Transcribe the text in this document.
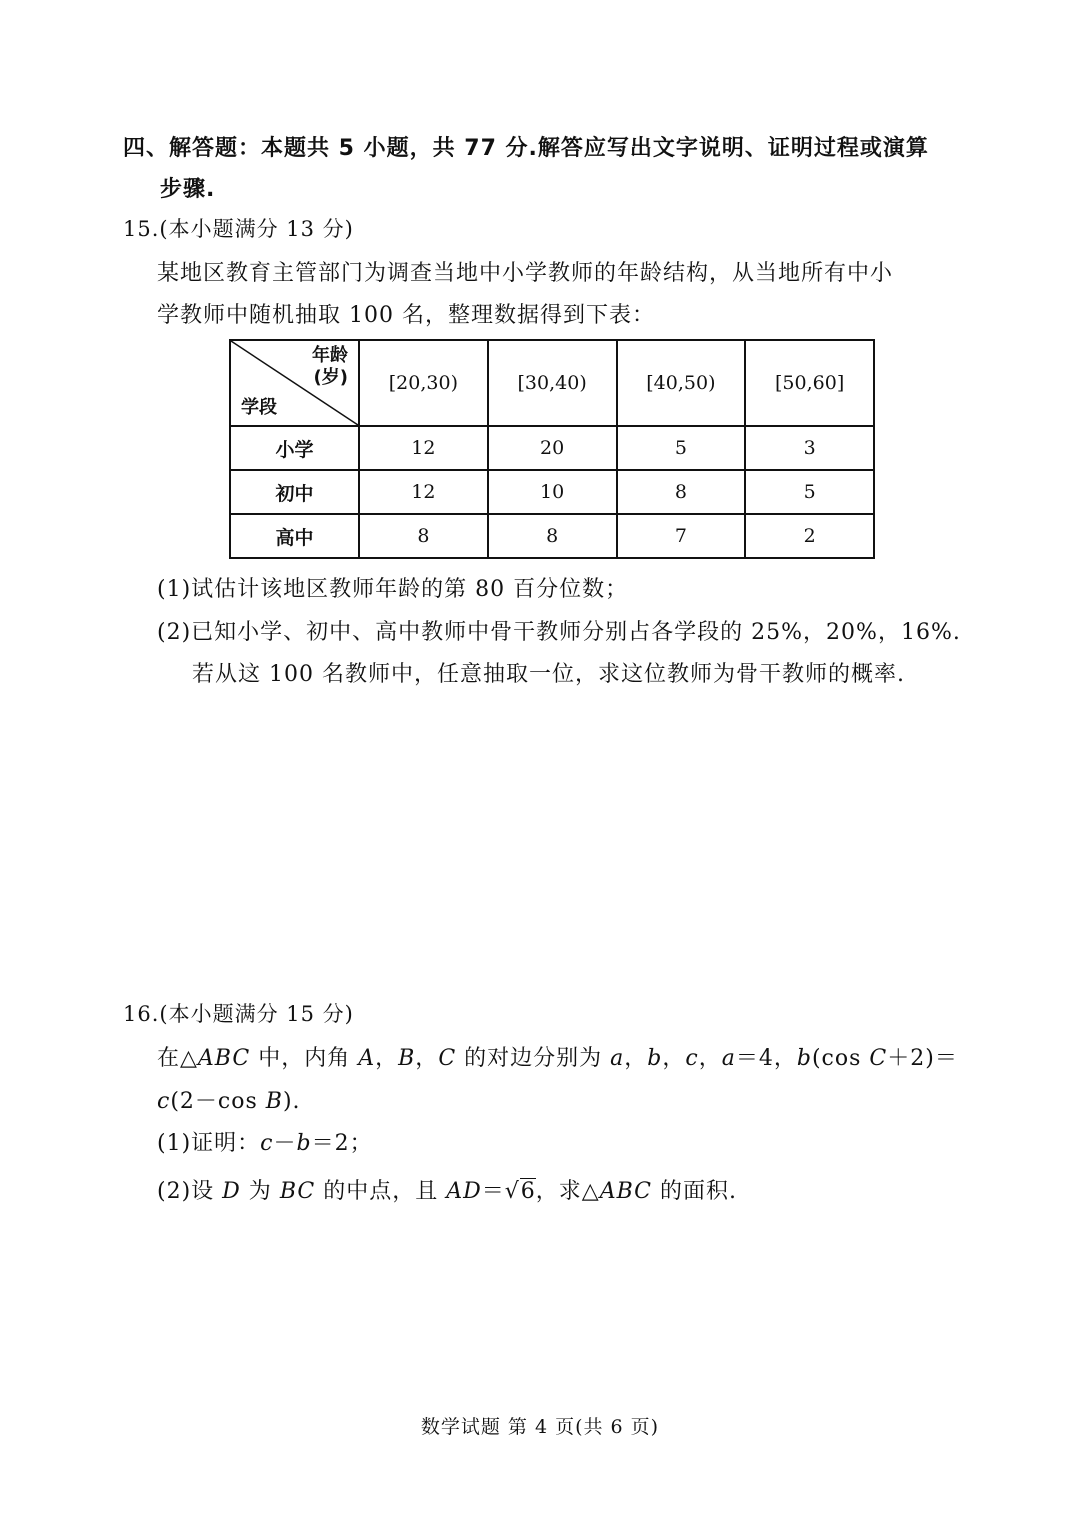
四、解答题：本题共 5 小题，共 77 分.解答应写出文字说明、证明过程或演算
步骤.
15.(本小题满分 13 分)
某地区教育主管部门为调查当地中小学教师的年龄结构，从当地所有中小
学教师中随机抽取 100 名，整理数据得到下表：
年龄
(岁)
学段	[20,30)	[30,40)	[40,50)	[50,60]
小学	12	20	5	3
初中	12	10	8	5
高中	8	8	7	2
(1)试估计该地区教师年龄的第 80 百分位数；
(2)已知小学、初中、高中教师中骨干教师分别占各学段的 25%，20%，16%.
若从这 100 名教师中，任意抽取一位，求这位教师为骨干教师的概率.
16.(本小题满分 15 分)
在△ABC 中，内角 A，B，C 的对边分别为 a，b，c，a＝4，b(cos C＋2)＝
c(2－cos B).
(1)证明：c－b＝2；
(2)设 D 为 BC 的中点，且 AD＝√6，求△ABC 的面积.
数学试题 第 4 页(共 6 页)
